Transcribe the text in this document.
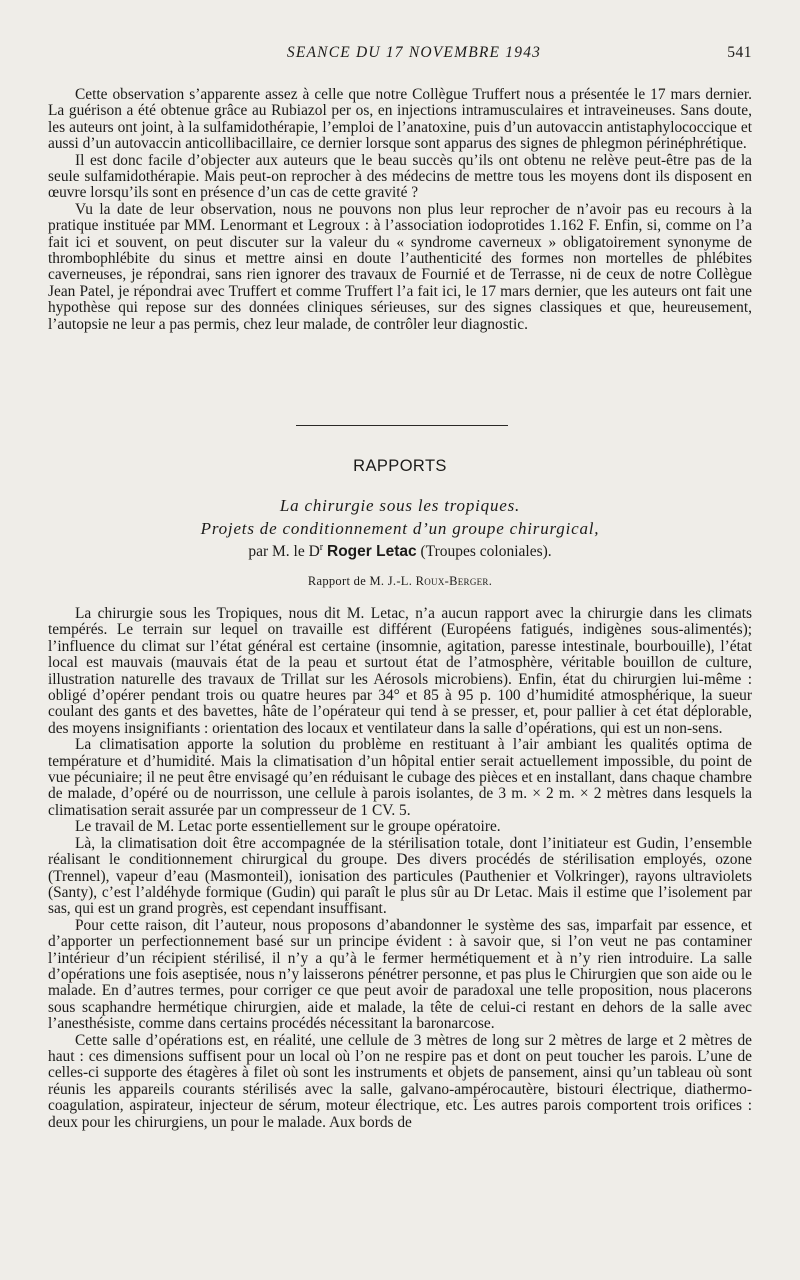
SEANCE DU 17 NOVEMBRE 1943	541

Cette observation s’apparente assez à celle que notre Collègue Truffert nous a présentée le 17 mars dernier. La guérison a été obtenue grâce au Rubiazol per os, en injections intramusculaires et intraveineuses. Sans doute, les auteurs ont joint, à la sulfamidothérapie, l’emploi de l’anatoxine, puis d’un autovaccin antistaphylococcique et aussi d’un autovaccin anticollibacillaire, ce dernier lorsque sont apparus des signes de phlegmon périnéphrétique.

Il est donc facile d’objecter aux auteurs que le beau succès qu’ils ont obtenu ne relève peut-être pas de la seule sulfamidothérapie. Mais peut-on reprocher à des médecins de mettre tous les moyens dont ils disposent en œuvre lorsqu’ils sont en présence d’un cas de cette gravité ?

Vu la date de leur observation, nous ne pouvons non plus leur reprocher de n’avoir pas eu recours à la pratique instituée par MM. Lenormant et Legroux : à l’association iodoprotides 1.162 F. Enfin, si, comme on l’a fait ici et souvent, on peut discuter sur la valeur du « syndrome caverneux » obligatoirement synonyme de thrombophlébite du sinus et mettre ainsi en doute l’authenticité des formes non mortelles de phlébites caverneuses, je répondrai, sans rien ignorer des travaux de Fournié et de Terrasse, ni de ceux de notre Collègue Jean Patel, je répondrai avec Truffert et comme Truffert l’a fait ici, le 17 mars dernier, que les auteurs ont fait une hypothèse qui repose sur des données cliniques sérieuses, sur des signes classiques et que, heureusement, l’autopsie ne leur a pas permis, chez leur malade, de contrôler leur diagnostic.

RAPPORTS
La chirurgie sous les tropiques.
Projets de conditionnement d’un groupe chirurgical,
par M. le $D^r$ Roger Letac (Troupes coloniales).
Rapport de M. J.-L. Roux-Berger.

La chirurgie sous les Tropiques, nous dit M. Letac, n’a aucun rapport avec la chirurgie dans les climats tempérés. Le terrain sur lequel on travaille est différent (Européens fatigués, indigènes sous-alimentés); l’influence du climat sur l’état général est certaine (insomnie, agitation, paresse intestinale, bourbouille), l’état local est mauvais (mauvais état de la peau et surtout état de l’atmosphère, véritable bouillon de culture, illustration naturelle des travaux de Trillat sur les Aérosols microbiens). Enfin, état du chirurgien lui-même : obligé d’opérer pendant trois ou quatre heures par 34° et 85 à 95 p. 100 d’humidité atmosphérique, la sueur coulant des gants et des bavettes, hâte de l’opérateur qui tend à se presser, et, pour pallier à cet état déplorable, des moyens insignifiants : orientation des locaux et ventilateur dans la salle d’opérations, qui est un non-sens.

La climatisation apporte la solution du problème en restituant à l’air ambiant les qualités optima de température et d’humidité. Mais la climatisation d’un hôpital entier serait actuellement impossible, du point de vue pécuniaire; il ne peut être envisagé qu’en réduisant le cubage des pièces et en installant, dans chaque chambre de malade, d’opéré ou de nourrisson, une cellule à parois isolantes, de 3 m. × 2 m. × 2 mètres dans lesquels la climatisation serait assurée par un compresseur de 1 CV. 5.

Le travail de M. Letac porte essentiellement sur le groupe opératoire.

Là, la climatisation doit être accompagnée de la stérilisation totale, dont l’initiateur est Gudin, l’ensemble réalisant le conditionnement chirurgical du groupe. Des divers procédés de stérilisation employés, ozone (Trennel), vapeur d’eau (Masmonteil), ionisation des particules (Pauthenier et Volkringer), rayons ultraviolets (Santy), c’est l’aldéhyde formique (Gudin) qui paraît le plus sûr au Dr Letac. Mais il estime que l’isolement par sas, qui est un grand progrès, est cependant insuffisant.

Pour cette raison, dit l’auteur, nous proposons d’abandonner le système des sas, imparfait par essence, et d’apporter un perfectionnement basé sur un principe évident : à savoir que, si l’on veut ne pas contaminer l’intérieur d’un récipient stérilisé, il n’y a qu’à le fermer hermétiquement et à n’y rien introduire. La salle d’opérations une fois aseptisée, nous n’y laisserons pénétrer personne, et pas plus le Chirurgien que son aide ou le malade. En d’autres termes, pour corriger ce que peut avoir de paradoxal une telle proposition, nous placerons sous scaphandre hermétique chirurgien, aide et malade, la tête de celui-ci restant en dehors de la salle avec l’anesthésiste, comme dans certains procédés nécessitant la baronarcose.

Cette salle d’opérations est, en réalité, une cellule de 3 mètres de long sur 2 mètres de large et 2 mètres de haut : ces dimensions suffisent pour un local où l’on ne respire pas et dont on peut toucher les parois. L’une de celles-ci supporte des étagères à filet où sont les instruments et objets de pansement, ainsi qu’un tableau où sont réunis les appareils courants stérilisés avec la salle, galvano-ampérocautère, bistouri électrique, diathermo-coagulation, aspirateur, injecteur de sérum, moteur électrique, etc. Les autres parois comportent trois orifices : deux pour les chirurgiens, un pour le malade. Aux bords de
